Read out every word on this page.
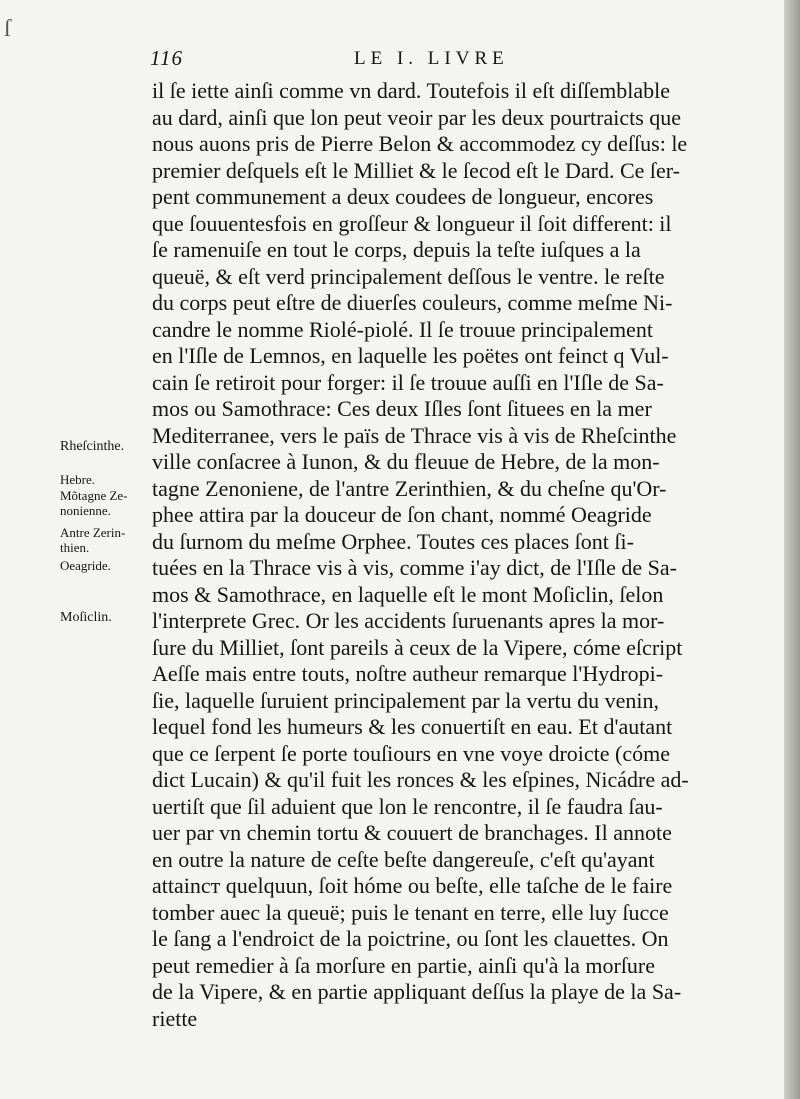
ſ
116	LE I. LIVRE
Rheſcinthe.
Hebre.
Mõtagne Ze-
nonienne.
Antre Zerin-
thien.
Oeagride.
Moſiclin.
il ſe iette ainſi comme vn dard. Toutefois il eſt diſſemblable
au dard, ainſi que lon peut veoir par les deux pourtraicts que
nous auons pris de Pierre Belon & accommodez cy deſſus: le
premier deſquels eſt le Milliet & le ſecod eſt le Dard. Ce ſer-
pent communement a deux coudees de longueur, encores
que ſouuentesfois en groſſeur & longueur il ſoit different: il
ſe ramenuiſe en tout le corps, depuis la teſte iuſques a la
queuë, & eſt verd principalement deſſous le ventre. le reſte
du corps peut eſtre de diuerſes couleurs, comme meſme Ni-
candre le nomme Riolé-piolé. Il ſe trouue principalement
en l'Iſle de Lemnos, en laquelle les poëtes ont feinct q Vul-
cain ſe retiroit pour forger: il ſe trouue auſſi en l'Iſle de Sa-
mos ou Samothrace: Ces deux Iſles ſont ſituees en la mer
Mediterranee, vers le païs de Thrace vis à vis de Rheſcinthe
ville conſacree à Iunon, & du fleuue de Hebre, de la mon-
tagne Zenonienе, de l'antre Zerinthien, & du cheſne qu'Or-
phee attira par la douceur de ſon chant, nommé Oeagride
du ſurnom du meſme Orphee. Toutes ces places ſont ſi-
tuées en la Thrace vis à vis, comme i'ay dict, de l'Iſle de Sa-
mos & Samothrace, en laquelle eſt le mont Moſiclin, ſelon
l'interprete Grec. Or les accidents ſuruenants apres la mor-
ſure du Milliet, ſont pareils à ceux de la Vipere, cóme eſcript
Aeſſe mais entre touts, noſtre autheur remarque l'Hydropi-
ſie, laquelle ſuruient principalement par la vertu du venin,
lequel fond les humeurs & les conuertiſt en eau. Et d'autant
que ce ſerpent ſe porte touſiours en vne voye droicte (cóme
dict Lucain) & qu'il fuit les ronces & les eſpines, Nicádre ad-
uertiſt que ſil aduient que lon le rencontre, il ſe faudra ſau-
uer par vn chemin tortu & couuert de branchages. Il annote
en outre la nature de ceſte beſte dangereuſe, c'eſt qu'ayant
attaincт quelquun, ſoit hóme ou beſte, elle taſche de le faire
tomber auec la queuë; puis le tenant en terre, elle luy ſucce
le ſang a l'endroict de la poictrine, ou ſont les clauettes. On
peut remedier à ſa morſure en partie, ainſi qu'à la morſure
de la Vipere, & en partie appliquant deſſus la playe de la Sa-
riette
